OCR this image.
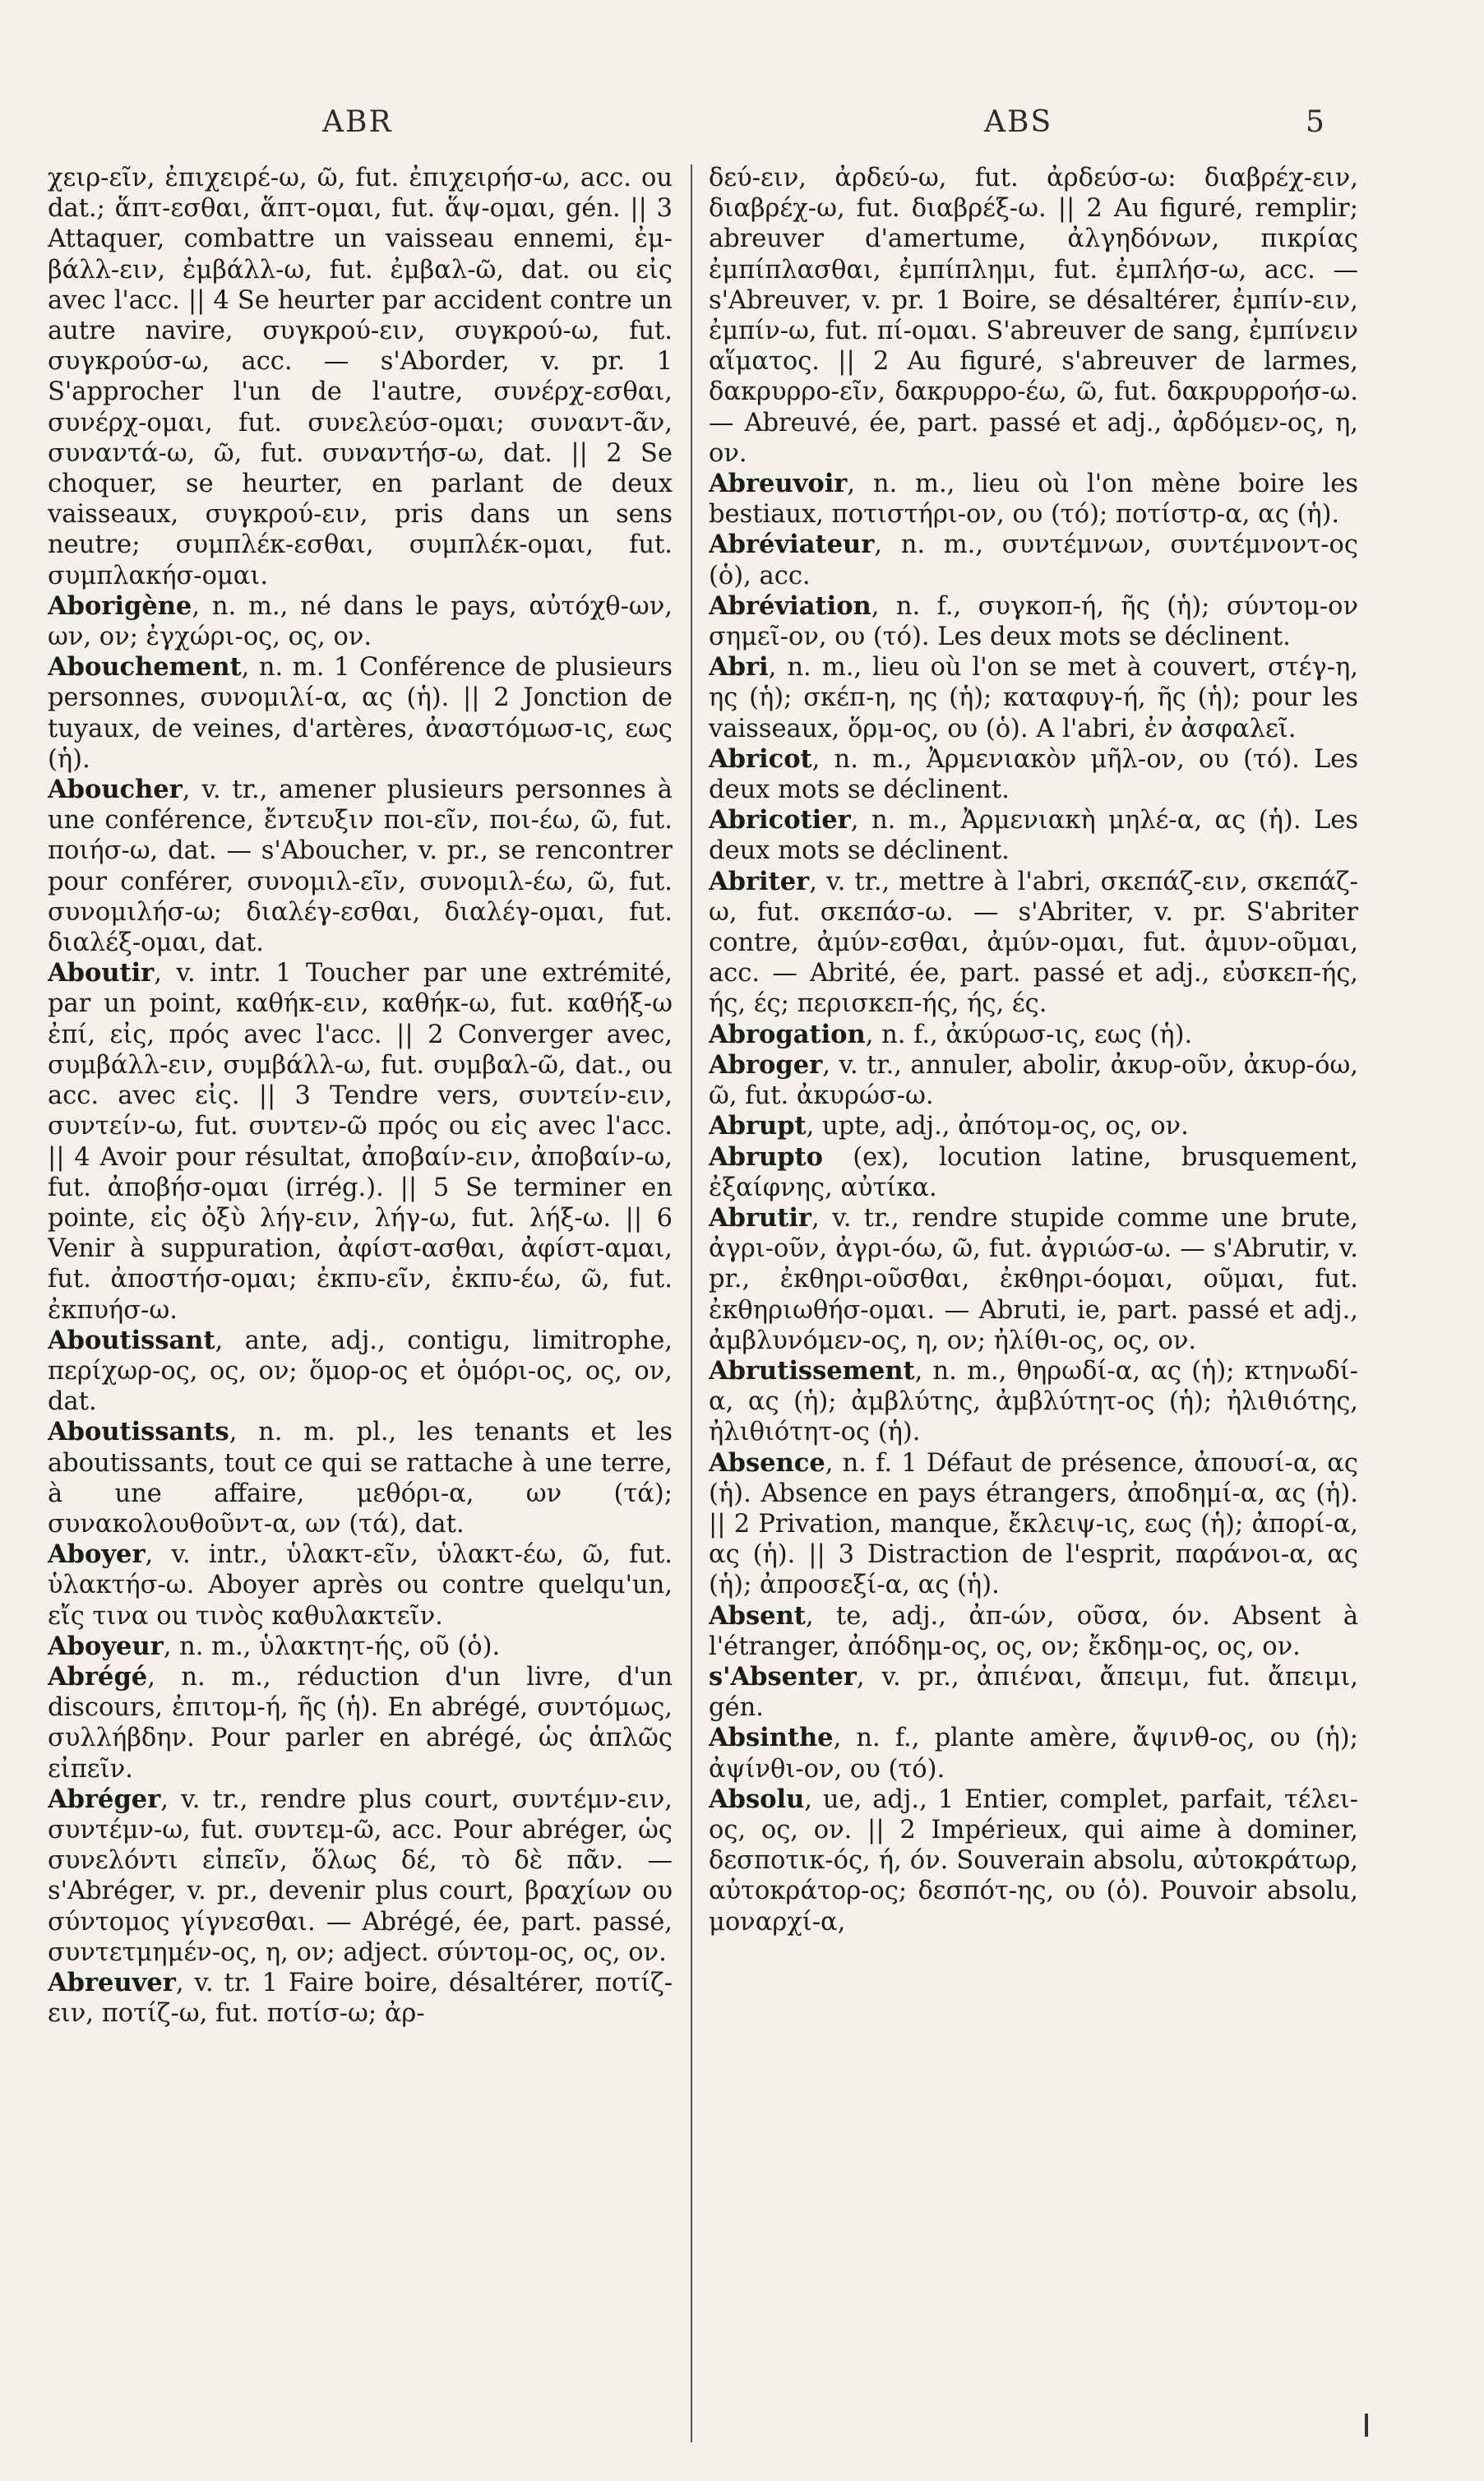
ABR	ABS	5

χειρ-εῖν, ἐπιχειρέ-ω, ῶ, fut. ἐπιχειρήσ-ω, acc. ou dat.; ἅπτ-εσθαι, ἅπτ-ομαι, fut. ἅψ-ομαι, gén. || 3 Attaquer, combattre un vaisseau ennemi, ἐμ-βάλλ-ειν, ἐμβάλλ-ω, fut. ἐμβαλ-ῶ, dat. ou εἰς avec l'acc. || 4 Se heurter par accident contre un autre navire, συγκρού-ειν, συγκρού-ω, fut. συγκρούσ-ω, acc. — s'Aborder, v. pr. 1 S'approcher l'un de l'autre, συνέρχ-εσθαι, συνέρχ-ομαι, fut. συνελεύσ-ομαι; συναντ-ᾶν, συναντά-ω, ῶ, fut. συναντήσ-ω, dat. || 2 Se choquer, se heurter, en parlant de deux vaisseaux, συγκρού-ειν, pris dans un sens neutre; συμπλέκ-εσθαι, συμπλέκ-ομαι, fut. συμπλακήσ-ομαι.

Aborigène, n. m., né dans le pays, αὐτόχθ-ων, ων, ον; ἐγχώρι-ος, ος, ον.

Abouchement, n. m. 1 Conférence de plusieurs personnes, συνομιλί-α, ας (ἡ). || 2 Jonction de tuyaux, de veines, d'artères, ἀναστόμωσ-ις, εως (ἡ).

Aboucher, v. tr., amener plusieurs personnes à une conférence, ἔντευξιν ποι-εῖν, ποι-έω, ῶ, fut. ποιήσ-ω, dat. — s'Aboucher, v. pr., se rencontrer pour conférer, συνομιλ-εῖν, συνομιλ-έω, ῶ, fut. συνομιλήσ-ω; διαλέγ-εσθαι, διαλέγ-ομαι, fut. διαλέξ-ομαι, dat.

Aboutir, v. intr. 1 Toucher par une extrémité, par un point, καθήκ-ειν, καθήκ-ω, fut. καθήξ-ω ἐπί, εἰς, πρός avec l'acc. || 2 Converger avec, συμβάλλ-ειν, συμβάλλ-ω, fut. συμβαλ-ῶ, dat., ou acc. avec εἰς. || 3 Tendre vers, συντείν-ειν, συντείν-ω, fut. συντεν-ῶ πρός ou εἰς avec l'acc. || 4 Avoir pour résultat, ἀποβαίν-ειν, ἀποβαίν-ω, fut. ἀποβήσ-ομαι (irrég.). || 5 Se terminer en pointe, εἰς ὀξὺ λήγ-ειν, λήγ-ω, fut. λήξ-ω. || 6 Venir à suppuration, ἀφίστ-ασθαι, ἀφίστ-αμαι, fut. ἀποστήσ-ομαι; ἐκπυ-εῖν, ἐκπυ-έω, ῶ, fut. ἐκπυήσ-ω.

Aboutissant, ante, adj., contigu, limitrophe, περίχωρ-ος, ος, ον; ὅμορ-ος et ὁμόρι-ος, ος, ον, dat.

Aboutissants, n. m. pl., les tenants et les aboutissants, tout ce qui se rattache à une terre, à une affaire, μεθόρι-α, ων (τά); συνακολουθοῦντ-α, ων (τά), dat.

Aboyer, v. intr., ὑλακτ-εῖν, ὑλακτ-έω, ῶ, fut. ὑλακτήσ-ω. Aboyer après ou contre quelqu'un, εἴς τινα ou τινὸς καθυλακτεῖν.

Aboyeur, n. m., ὑλακτητ-ής, οῦ (ὁ).

Abrégé, n. m., réduction d'un livre, d'un discours, ἐπιτομ-ή, ῆς (ἡ). En abrégé, συντόμως, συλλήβδην. Pour parler en abrégé, ὡς ἁπλῶς εἰπεῖν.

Abréger, v. tr., rendre plus court, συντέμν-ειν, συντέμν-ω, fut. συντεμ-ῶ, acc. Pour abréger, ὡς συνελόντι εἰπεῖν, ὅλως δέ, τὸ δὲ πᾶν. — s'Abréger, v. pr., devenir plus court, βραχίων ου σύντομος γίγνεσθαι. — Abrégé, ée, part. passé, συντετμημέν-ος, η, ον; adject. σύντομ-ος, ος, ον.

Abreuver, v. tr. 1 Faire boire, désaltérer, ποτίζ-ειν, ποτίζ-ω, fut. ποτίσ-ω; ἀρ-

δεύ-ειν, ἀρδεύ-ω, fut. ἀρδεύσ-ω: διαβρέχ-ειν, διαβρέχ-ω, fut. διαβρέξ-ω. || 2 Au figuré, remplir; abreuver d'amertume, ἀλγηδόνων, πικρίας ἐμπίπλασθαι, ἐμπίπλημι, fut. ἐμπλήσ-ω, acc. — s'Abreuver, v. pr. 1 Boire, se désaltérer, ἐμπίν-ειν, ἐμπίν-ω, fut. πί-ομαι. S'abreuver de sang, ἐμπίνειν αἵματος. || 2 Au figuré, s'abreuver de larmes, δακρυρρο-εῖν, δακρυρρο-έω, ῶ, fut. δακρυρροήσ-ω. — Abreuvé, ée, part. passé et adj., ἀρδόμεν-ος, η, ον.

Abreuvoir, n. m., lieu où l'on mène boire les bestiaux, ποτιστήρι-ον, ου (τό); ποτίστρ-α, ας (ἡ).

Abréviateur, n. m., συντέμνων, συντέμνοντ-ος (ὁ), acc.

Abréviation, n. f., συγκοπ-ή, ῆς (ἡ); σύντομ-ον σημεῖ-ον, ου (τό). Les deux mots se déclinent.

Abri, n. m., lieu où l'on se met à couvert, στέγ-η, ης (ἡ); σκέπ-η, ης (ἡ); καταφυγ-ή, ῆς (ἡ); pour les vaisseaux, ὅρμ-ος, ου (ὁ). A l'abri, ἐν ἀσφαλεῖ.

Abricot, n. m., Ἀρμενιακὸν μῆλ-ον, ου (τό). Les deux mots se déclinent.

Abricotier, n. m., Ἀρμενιακὴ μηλέ-α, ας (ἡ). Les deux mots se déclinent.

Abriter, v. tr., mettre à l'abri, σκεπάζ-ειν, σκεπάζ-ω, fut. σκεπάσ-ω. — s'Abriter, v. pr. S'abriter contre, ἀμύν-εσθαι, ἀμύν-ομαι, fut. ἀμυν-οῦμαι, acc. — Abrité, ée, part. passé et adj., εὐσκεπ-ής, ής, ές; περισκεπ-ής, ής, ές.

Abrogation, n. f., ἀκύρωσ-ις, εως (ἡ).

Abroger, v. tr., annuler, abolir, ἀκυρ-οῦν, ἀκυρ-όω, ῶ, fut. ἀκυρώσ-ω.

Abrupt, upte, adj., ἀπότομ-ος, ος, ον.

Abrupto (ex), locution latine, brusquement, ἐξαίφνης, αὐτίκα.

Abrutir, v. tr., rendre stupide comme une brute, ἀγρι-οῦν, ἀγρι-όω, ῶ, fut. ἀγριώσ-ω. — s'Abrutir, v. pr., ἐκθηρι-οῦσθαι, ἐκθηρι-όομαι, οῦμαι, fut. ἐκθηριωθήσ-ομαι. — Abruti, ie, part. passé et adj., ἀμβλυνόμεν-ος, η, ον; ἠλίθι-ος, ος, ον.

Abrutissement, n. m., θηρωδί-α, ας (ἡ); κτηνωδί-α, ας (ἡ); ἀμβλύτης, ἀμβλύτητ-ος (ἡ); ἠλιθιότης, ἠλιθιότητ-ος (ἡ).

Absence, n. f. 1 Défaut de présence, ἀπουσί-α, ας (ἡ). Absence en pays étrangers, ἀποδημί-α, ας (ἡ). || 2 Privation, manque, ἔκλειψ-ις, εως (ἡ); ἀπορί-α, ας (ἡ). || 3 Distraction de l'esprit, παράνοι-α, ας (ἡ); ἀπροσεξί-α, ας (ἡ).

Absent, te, adj., ἀπ-ών, οῦσα, όν. Absent à l'étranger, ἀπόδημ-ος, ος, ον; ἔκδημ-ος, ος, ον.

s'Absenter, v. pr., ἀπιέναι, ἄπειμι, fut. ἄπειμι, gén.

Absinthe, n. f., plante amère, ἄψινθ-ος, ου (ἡ); ἀψίνθι-ον, ου (τό).

Absolu, ue, adj., 1 Entier, complet, parfait, τέλει-ος, ος, ον. || 2 Impérieux, qui aime à dominer, δεσποτικ-ός, ή, όν. Souverain absolu, αὐτοκράτωρ, αὐτοκράτορ-ος; δεσπότ-ης, ου (ὁ). Pouvoir absolu, μοναρχί-α,
